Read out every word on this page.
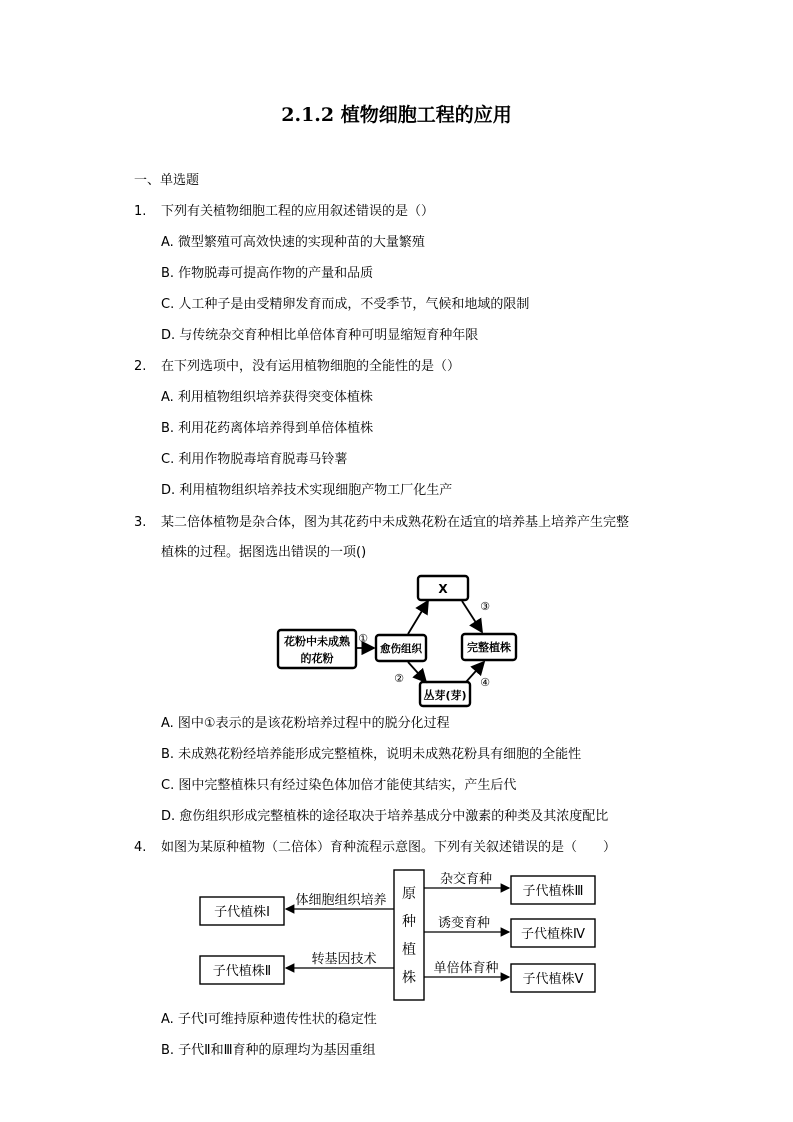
2.1.2 植物细胞工程的应用
一、单选题
1. 下列有关植物细胞工程的应用叙述错误的是（）
A. 微型繁殖可高效快速的实现种苗的大量繁殖
B. 作物脱毒可提高作物的产量和品质
C. 人工种子是由受精卵发育而成，不受季节，气候和地域的限制
D. 与传统杂交育种相比单倍体育种可明显缩短育种年限
2. 在下列选项中，没有运用植物细胞的全能性的是（）
A. 利用植物组织培养获得突变体植株
B. 利用花药离体培养得到单倍体植株
C. 利用作物脱毒培育脱毒马铃薯
D. 利用植物组织培养技术实现细胞产物工厂化生产
3. 某二倍体植物是杂合体，图为其花药中未成熟花粉在适宜的培养基上培养产生完整
植株的过程。据图选出错误的一项()
花粉中未成熟
的花粉
愈伤组织
X
完整植株
丛芽(芽)
①
③
②	④
A. 图中①表示的是该花粉培养过程中的脱分化过程
B. 未成熟花粉经培养能形成完整植株，说明未成熟花粉具有细胞的全能性
C. 图中完整植株只有经过染色体加倍才能使其结实，产生后代
D. 愈伤组织形成完整植株的途径取决于培养基成分中激素的种类及其浓度配比
4. 如图为某原种植物（二倍体）育种流程示意图。下列有关叙述错误的是（　　）
原
种
植
株
子代植株Ⅰ
体细胞组织培养
子代植株Ⅱ
转基因技术
子代植株Ⅲ
杂交育种
子代植株Ⅳ
诱变育种
子代植株Ⅴ
单倍体育种
A. 子代Ⅰ可维持原种遗传性状的稳定性
B. 子代Ⅱ和Ⅲ育种的原理均为基因重组
